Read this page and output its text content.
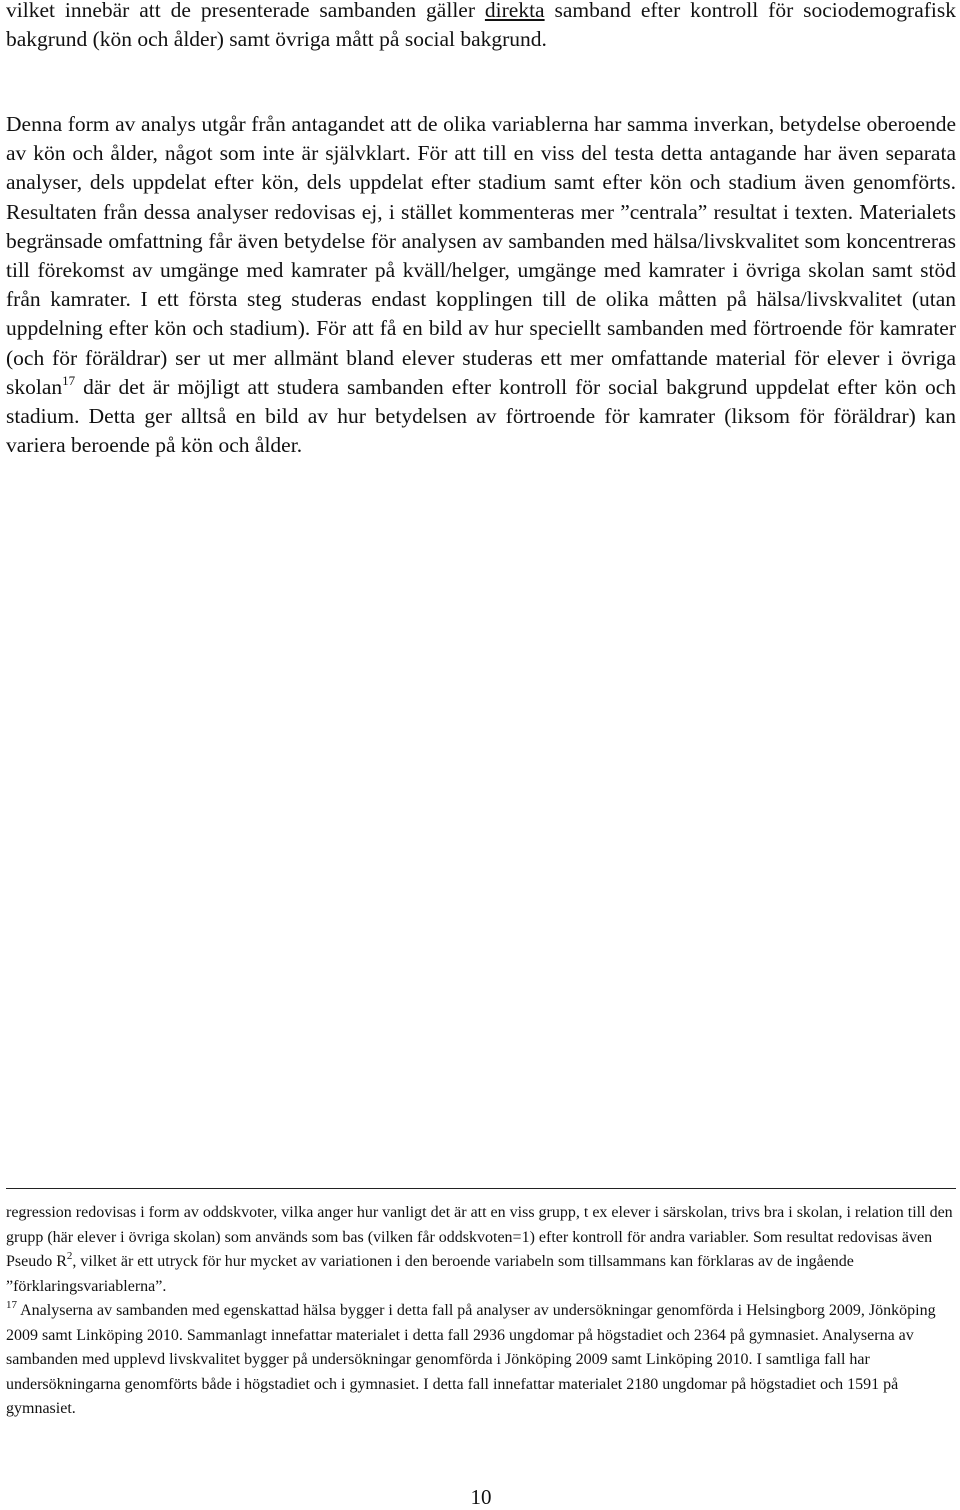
vilket innebär att de presenterade sambanden gäller direkta samband efter kontroll för sociodemografisk bakgrund (kön och ålder) samt övriga mått på social bakgrund.

Denna form av analys utgår från antagandet att de olika variablerna har samma inverkan, betydelse oberoende av kön och ålder, något som inte är självklart. För att till en viss del testa detta antagande har även separata analyser, dels uppdelat efter kön, dels uppdelat efter stadium samt efter kön och stadium även genomförts. Resultaten från dessa analyser redovisas ej, i stället kommenteras mer ”centrala” resultat i texten. Materialets begränsade omfattning får även betydelse för analysen av sambanden med hälsa/livskvalitet som koncentreras till förekomst av umgänge med kamrater på kväll/helger, umgänge med kamrater i övriga skolan samt stöd från kamrater. I ett första steg studeras endast kopplingen till de olika måtten på hälsa/livskvalitet (utan uppdelning efter kön och stadium). För att få en bild av hur speciellt sambanden med förtroende för kamrater (och för föräldrar) ser ut mer allmänt bland elever studeras ett mer omfattande material för elever i övriga skolan$^{17}$ där det är möjligt att studera sambanden efter kontroll för social bakgrund uppdelat efter kön och stadium. Detta ger alltså en bild av hur betydelsen av förtroende för kamrater (liksom för föräldrar) kan variera beroende på kön och ålder.

regression redovisas i form av oddskvoter, vilka anger hur vanligt det är att en viss grupp, t ex elever i särskolan, trivs bra i skolan, i relation till den grupp (här elever i övriga skolan) som används som bas (vilken får oddskvoten=1) efter kontroll för andra variabler. Som resultat redovisas även Pseudo $R^2$, vilket är ett utryck för hur mycket av variationen i den beroende variabeln som tillsammans kan förklaras av de ingående ”förklaringsvariablerna”.

$^{17}$ Analyserna av sambanden med egenskattad hälsa bygger i detta fall på analyser av undersökningar genomförda i Helsingborg 2009, Jönköping 2009 samt Linköping 2010. Sammanlagt innefattar materialet i detta fall 2936 ungdomar på högstadiet och 2364 på gymnasiet. Analyserna av sambanden med upplevd livskvalitet bygger på undersökningar genomförda i Jönköping 2009 samt Linköping 2010. I samtliga fall har undersökningarna genomförts både i högstadiet och i gymnasiet. I detta fall innefattar materialet 2180 ungdomar på högstadiet och 1591 på gymnasiet.

10
